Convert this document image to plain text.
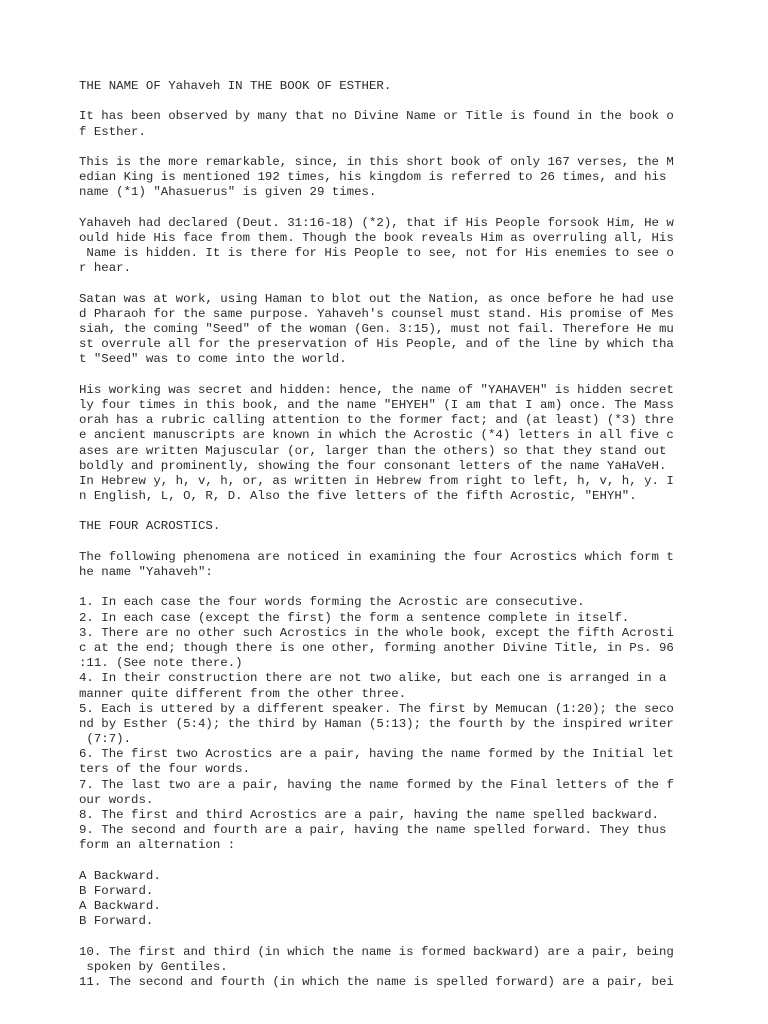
THE NAME OF Yahaveh IN THE BOOK OF ESTHER.
It has been observed by many that no Divine Name or Title is found in the book o
f Esther.
This is the more remarkable, since, in this short book of only 167 verses, the M
edian King is mentioned 192 times, his kingdom is referred to 26 times, and his
name (*1) "Ahasuerus" is given 29 times.
Yahaveh had declared (Deut. 31:16-18) (*2), that if His People forsook Him, He w
ould hide His face from them. Though the book reveals Him as overruling all, His
Name is hidden. It is there for His People to see, not for His enemies to see o
r hear.
Satan was at work, using Haman to blot out the Nation, as once before he had use
d Pharaoh for the same purpose. Yahaveh's counsel must stand. His promise of Mes
siah, the coming "Seed" of the woman (Gen. 3:15), must not fail. Therefore He mu
st overrule all for the preservation of His People, and of the line by which tha
t "Seed" was to come into the world.
His working was secret and hidden: hence, the name of "YAHAVEH" is hidden secret
ly four times in this book, and the name "EHYEH" (I am that I am) once. The Mass
orah has a rubric calling attention to the former fact; and (at least) (*3) thre
e ancient manuscripts are known in which the Acrostic (*4) letters in all five c
ases are written Majuscular (or, larger than the others) so that they stand out
boldly and prominently, showing the four consonant letters of the name YaHaVeH.
In Hebrew y, h, v, h, or, as written in Hebrew from right to left, h, v, h, y. I
n English, L, O, R, D. Also the five letters of the fifth Acrostic, "EHYH".
THE FOUR ACROSTICS.
The following phenomena are noticed in examining the four Acrostics which form t
he name "Yahaveh":
1. In each case the four words forming the Acrostic are consecutive.
2. In each case (except the first) the form a sentence complete in itself.
3. There are no other such Acrostics in the whole book, except the fifth Acrosti
c at the end; though there is one other, forming another Divine Title, in Ps. 96
:11. (See note there.)
4. In their construction there are not two alike, but each one is arranged in a
manner quite different from the other three.
5. Each is uttered by a different speaker. The first by Memucan (1:20); the seco
nd by Esther (5:4); the third by Haman (5:13); the fourth by the inspired writer
(7:7).
6. The first two Acrostics are a pair, having the name formed by the Initial let
ters of the four words.
7. The last two are a pair, having the name formed by the Final letters of the f
our words.
8. The first and third Acrostics are a pair, having the name spelled backward.
9. The second and fourth are a pair, having the name spelled forward. They thus
form an alternation :
A Backward.
B Forward.
A Backward.
B Forward.
10. The first and third (in which the name is formed backward) are a pair, being
spoken by Gentiles.
11. The second and fourth (in which the name is spelled forward) are a pair, bei
